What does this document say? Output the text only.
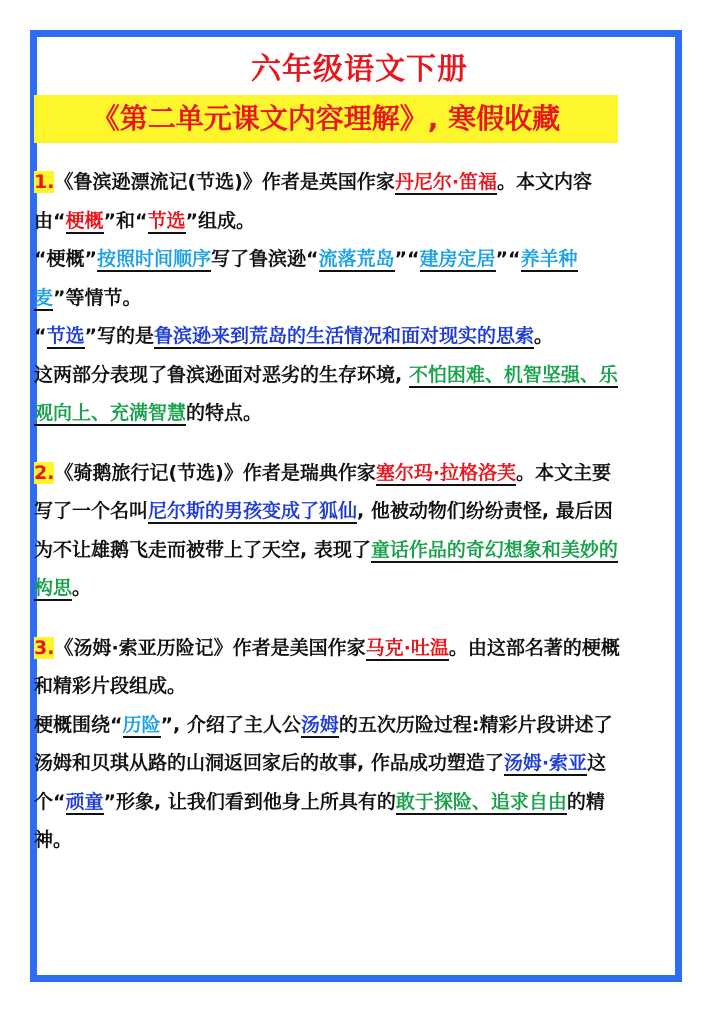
六年级语文下册
《第二单元课文内容理解》, 寒假收藏

1.《鲁滨逊漂流记(节选)》作者是英国作家丹尼尔·笛福。本文内容由“梗概”和“节选”组成。

“梗概”按照时间顺序写了鲁滨逊“流落荒岛”“建房定居”“养羊种麦”等情节。

“节选”写的是鲁滨逊来到荒岛的生活情况和面对现实的思索。

这两部分表现了鲁滨逊面对恶劣的生存环境, 不怕困难、机智坚强、乐观向上、充满智慧的特点。

2.《骑鹅旅行记(节选)》作者是瑞典作家塞尔玛·拉格洛芙。本文主要写了一个名叫尼尔斯的男孩变成了狐仙, 他被动物们纷纷责怪, 最后因为不让雄鹅飞走而被带上了天空, 表现了童话作品的奇幻想象和美妙的构思。

3.《汤姆·索亚历险记》作者是美国作家马克·吐温。由这部名著的梗概和精彩片段组成。

梗概围绕“历险”, 介绍了主人公汤姆的五次历险过程:精彩片段讲述了汤姆和贝琪从路的山洞返回家后的故事, 作品成功塑造了汤姆·索亚这个“顽童”形象, 让我们看到他身上所具有的敢于探险、追求自由的精神。
